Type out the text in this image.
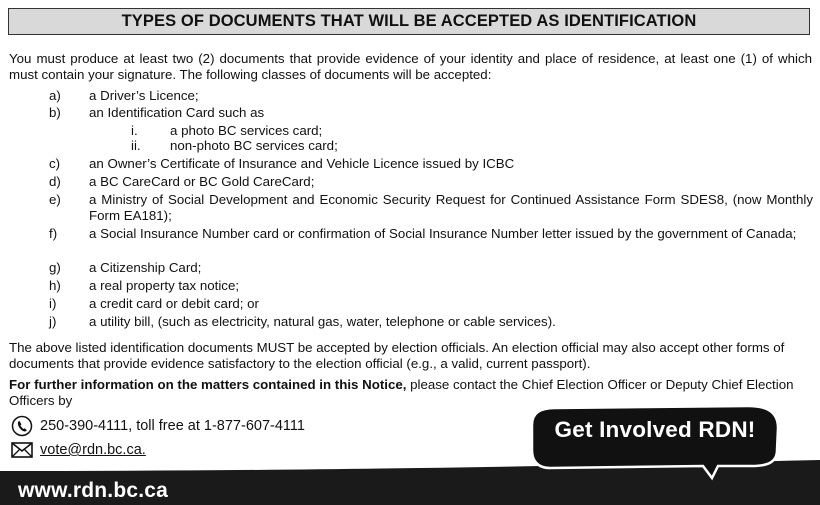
TYPES OF DOCUMENTS THAT WILL BE ACCEPTED AS IDENTIFICATION
You must produce at least two (2) documents that provide evidence of your identity and place of residence, at least one (1) of which must contain your signature. The following classes of documents will be accepted:
a) a Driver’s Licence;
b) an Identification Card such as
i. a photo BC services card;
ii. non-photo BC services card;
c) an Owner’s Certificate of Insurance and Vehicle Licence issued by ICBC
d) a BC CareCard or BC Gold CareCard;
e) a Ministry of Social Development and Economic Security Request for Continued Assistance Form SDES8, (now Monthly Form EA181);
f) a Social Insurance Number card or confirmation of Social Insurance Number letter issued by the government of Canada;
g) a Citizenship Card;
h) a real property tax notice;
i) a credit card or debit card; or
j) a utility bill, (such as electricity, natural gas, water, telephone or cable services).
The above listed identification documents MUST be accepted by election officials. An election official may also accept other forms of documents that provide evidence satisfactory to the election official (e.g., a valid, current passport).
For further information on the matters contained in this Notice, please contact the Chief Election Officer or Deputy Chief Election Officers by
250-390-4111, toll free at 1-877-607-4111
vote@rdn.bc.ca.
www.rdn.bc.ca
Get Involved RDN!
